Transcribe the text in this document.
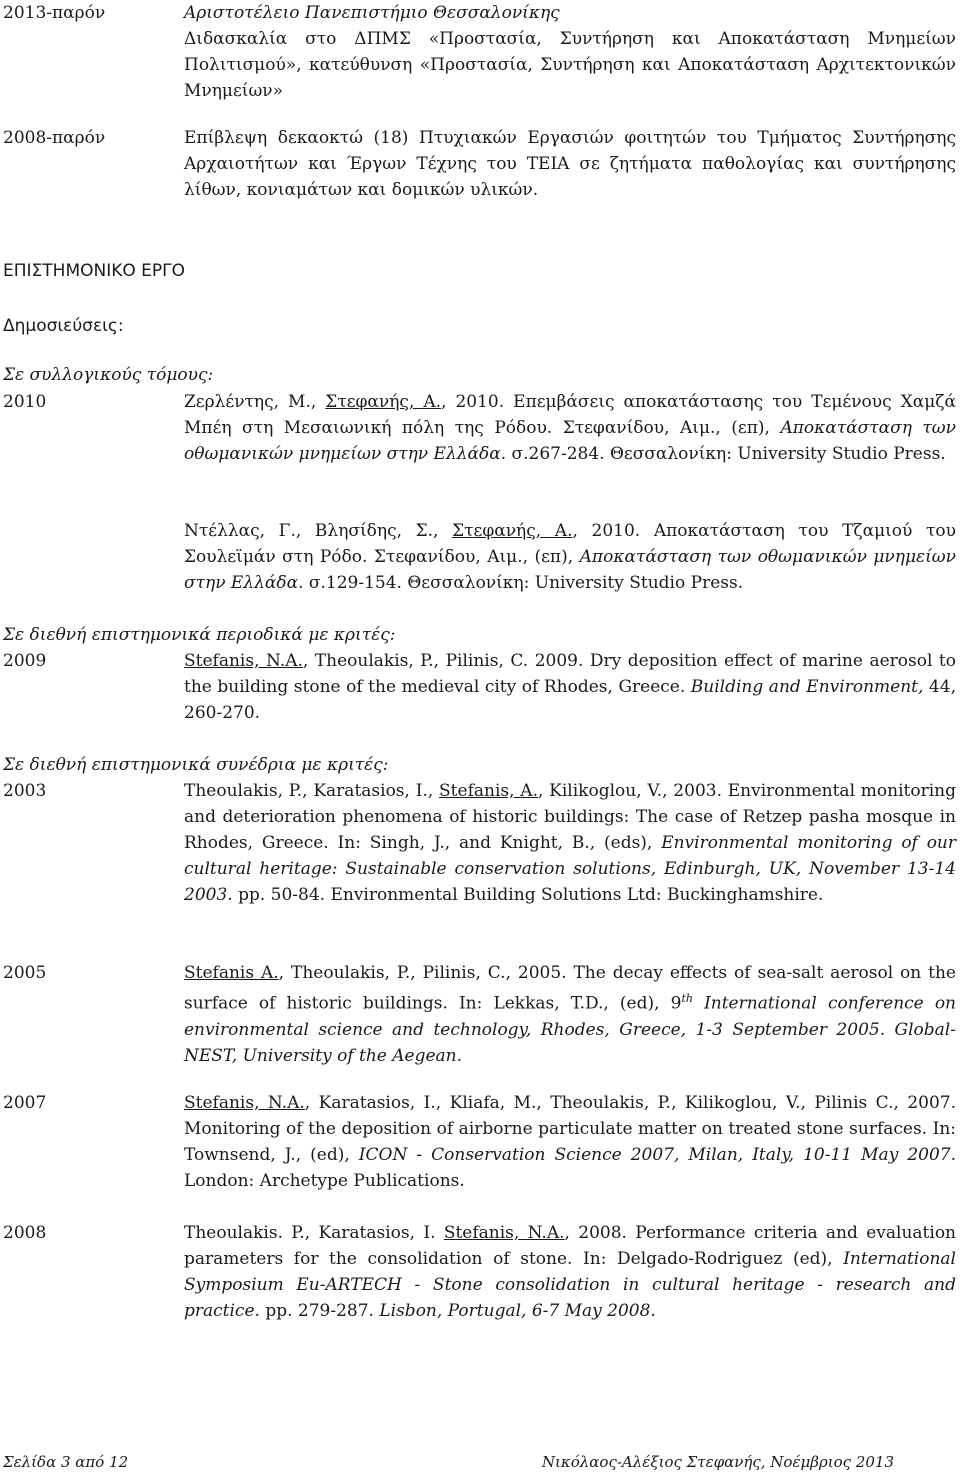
2013-παρόν	Αριστοτέλειο Πανεπιστήμιο Θεσσαλονίκης
Διδασκαλία στο ΔΠΜΣ «Προστασία, Συντήρηση και Αποκατάσταση Μνημείων Πολιτισμού», κατεύθυνση «Προστασία, Συντήρηση και Αποκατάσταση Αρχιτεκτονικών Μνημείων»
2008-παρόν	Επίβλεψη δεκαοκτώ (18) Πτυχιακών Εργασιών φοιτητών του Τμήματος Συντήρησης Αρχαιοτήτων και Έργων Τέχνης του ΤΕΙΑ σε ζητήματα παθολογίας και συντήρησης λίθων, κονιαμάτων και δομικών υλικών.
ΕΠΙΣΤΗΜΟΝΙΚΟ ΕΡΓΟ
Δημοσιεύσεις:
Σε συλλογικούς τόμους:
2010	Ζερλέντης, Μ., Στεφανής, Α., 2010. Επεμβάσεις αποκατάστασης του Τεμένους Χαμζά Μπέη στη Μεσαιωνική πόλη της Ρόδου. Στεφανίδου, Αιμ., (επ), Αποκατάσταση των οθωμανικών μνημείων στην Ελλάδα. σ.267-284. Θεσσαλονίκη: University Studio Press.
Ντέλλας, Γ., Βλησίδης, Σ., Στεφανής, Α., 2010. Αποκατάσταση του Τζαμιού του Σουλεϊμάν στη Ρόδο. Στεφανίδου, Αιμ., (επ), Αποκατάσταση των οθωμανικών μνημείων στην Ελλάδα. σ.129-154. Θεσσαλονίκη: University Studio Press.
Σε διεθνή επιστημονικά περιοδικά με κριτές:
2009	Stefanis, N.A., Theoulakis, P., Pilinis, C. 2009. Dry deposition effect of marine aerosol to the building stone of the medieval city of Rhodes, Greece. Building and Environment, 44, 260-270.
Σε διεθνή επιστημονικά συνέδρια με κριτές:
2003	Theoulakis, P., Karatasios, I., Stefanis, A., Kilikoglou, V., 2003. Environmental monitoring and deterioration phenomena of historic buildings: The case of Retzep pasha mosque in Rhodes, Greece. In: Singh, J., and Knight, B., (eds), Environmental monitoring of our cultural heritage: Sustainable conservation solutions, Edinburgh, UK, November 13-14 2003. pp. 50-84. Environmental Building Solutions Ltd: Buckinghamshire.
2005	Stefanis A., Theoulakis, P., Pilinis, C., 2005. The decay effects of sea-salt aerosol on the surface of historic buildings. In: Lekkas, T.D., (ed), 9th International conference on environmental science and technology, Rhodes, Greece, 1-3 September 2005. Global-NEST, University of the Aegean.
2007	Stefanis, N.A., Karatasios, I., Kliafa, M., Theoulakis, P., Kilikoglou, V., Pilinis C., 2007. Monitoring of the deposition of airborne particulate matter on treated stone surfaces. In: Townsend, J., (ed), ICON - Conservation Science 2007, Milan, Italy, 10-11 May 2007. London: Archetype Publications.
2008	Theoulakis. P., Karatasios, I. Stefanis, N.A., 2008. Performance criteria and evaluation parameters for the consolidation of stone. In: Delgado-Rodriguez (ed), International Symposium Eu-ARTECH - Stone consolidation in cultural heritage - research and practice. pp. 279-287. Lisbon, Portugal, 6-7 May 2008.
Σελίδα 3 από 12	Νικόλαος-Αλέξιος Στεφανής, Νοέμβριος 2013
